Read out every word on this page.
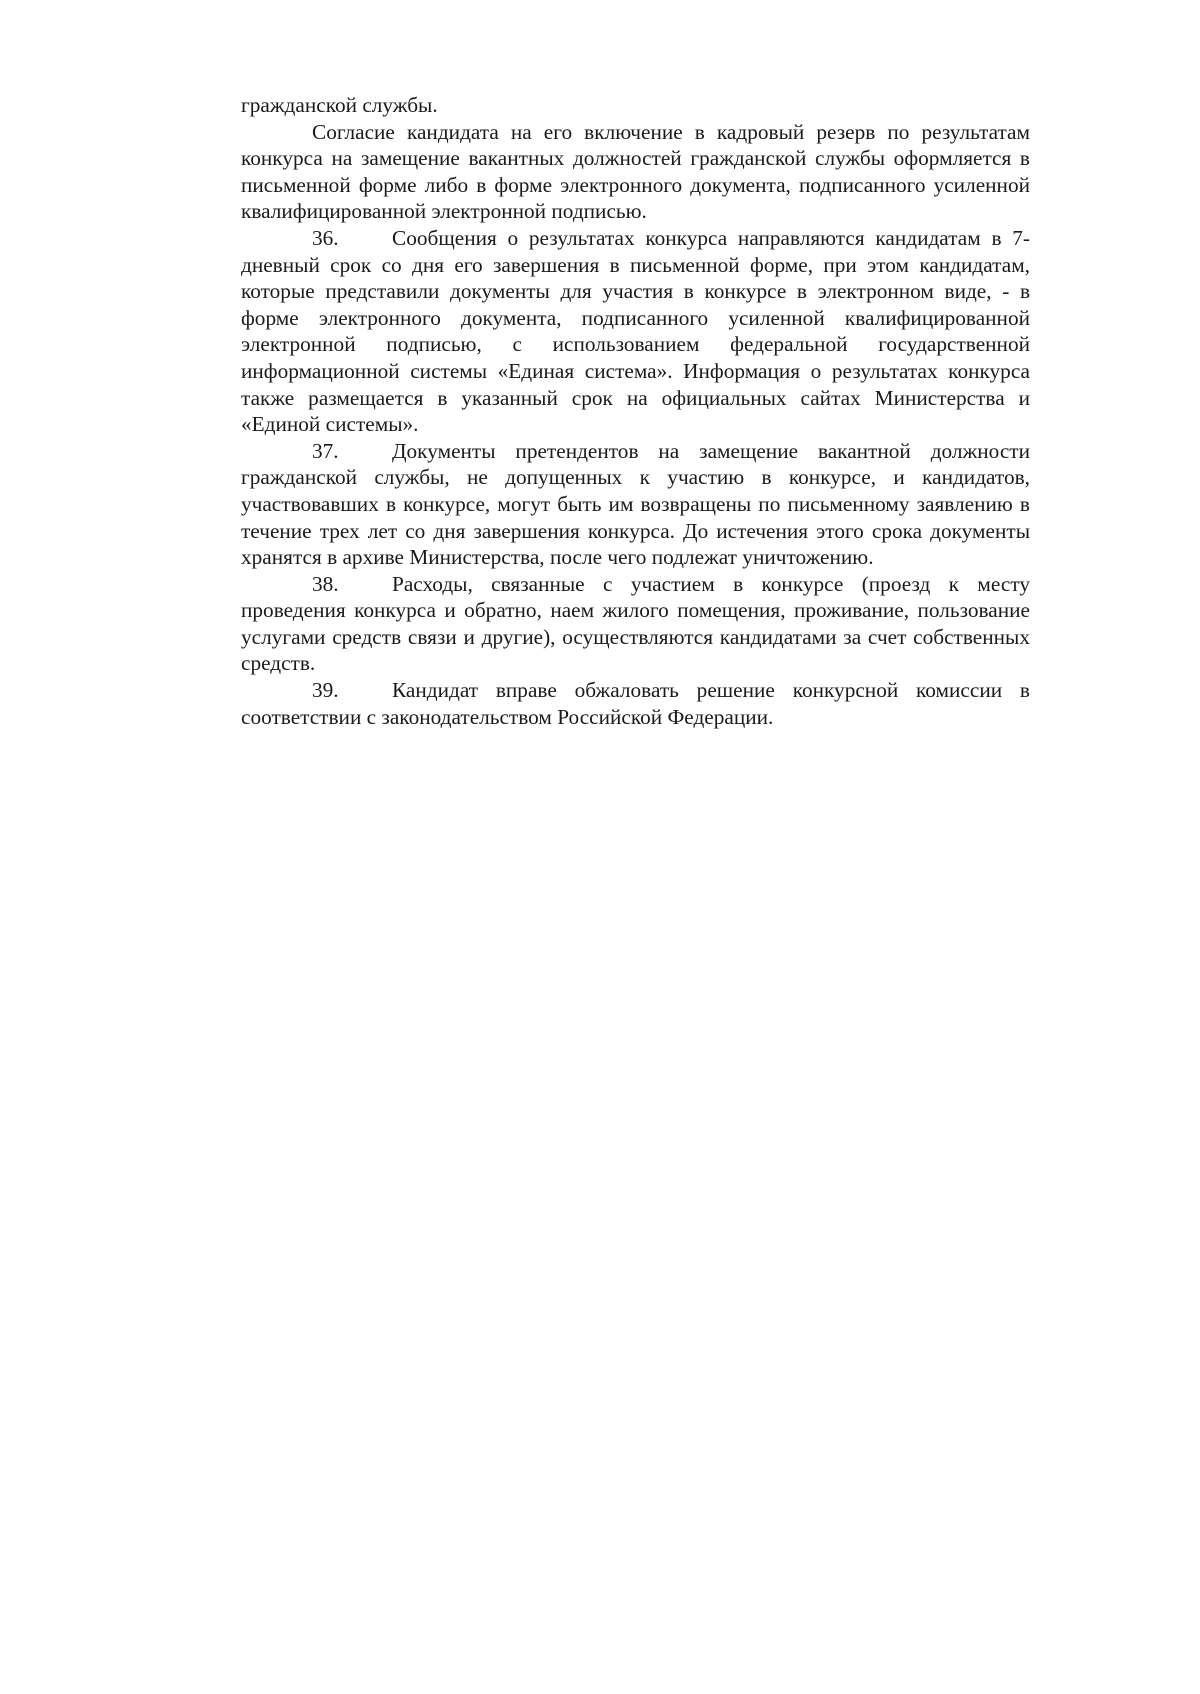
гражданской службы.

Согласие кандидата на его включение в кадровый резерв по результатам конкурса на замещение вакантных должностей гражданской службы оформляется в письменной форме либо в форме электронного документа, подписанного усиленной квалифицированной электронной подписью.

36.	Сообщения о результатах конкурса направляются кандидатам в 7-дневный срок со дня его завершения в письменной форме, при этом кандидатам, которые представили документы для участия в конкурсе в электронном виде, - в форме электронного документа, подписанного усиленной квалифицированной электронной подписью, с использованием федеральной государственной информационной системы «Единая система». Информация о результатах конкурса также размещается в указанный срок на официальных сайтах Министерства и «Единой системы».

37.	Документы претендентов на замещение вакантной должности гражданской службы, не допущенных к участию в конкурсе, и кандидатов, участвовавших в конкурсе, могут быть им возвращены по письменному заявлению в течение трех лет со дня завершения конкурса. До истечения этого срока документы хранятся в архиве Министерства, после чего подлежат уничтожению.

38.	Расходы, связанные с участием в конкурсе (проезд к месту проведения конкурса и обратно, наем жилого помещения, проживание, пользование услугами средств связи и другие), осуществляются кандидатами за счет собственных средств.

39.	Кандидат вправе обжаловать решение конкурсной комиссии в соответствии с законодательством Российской Федерации.
